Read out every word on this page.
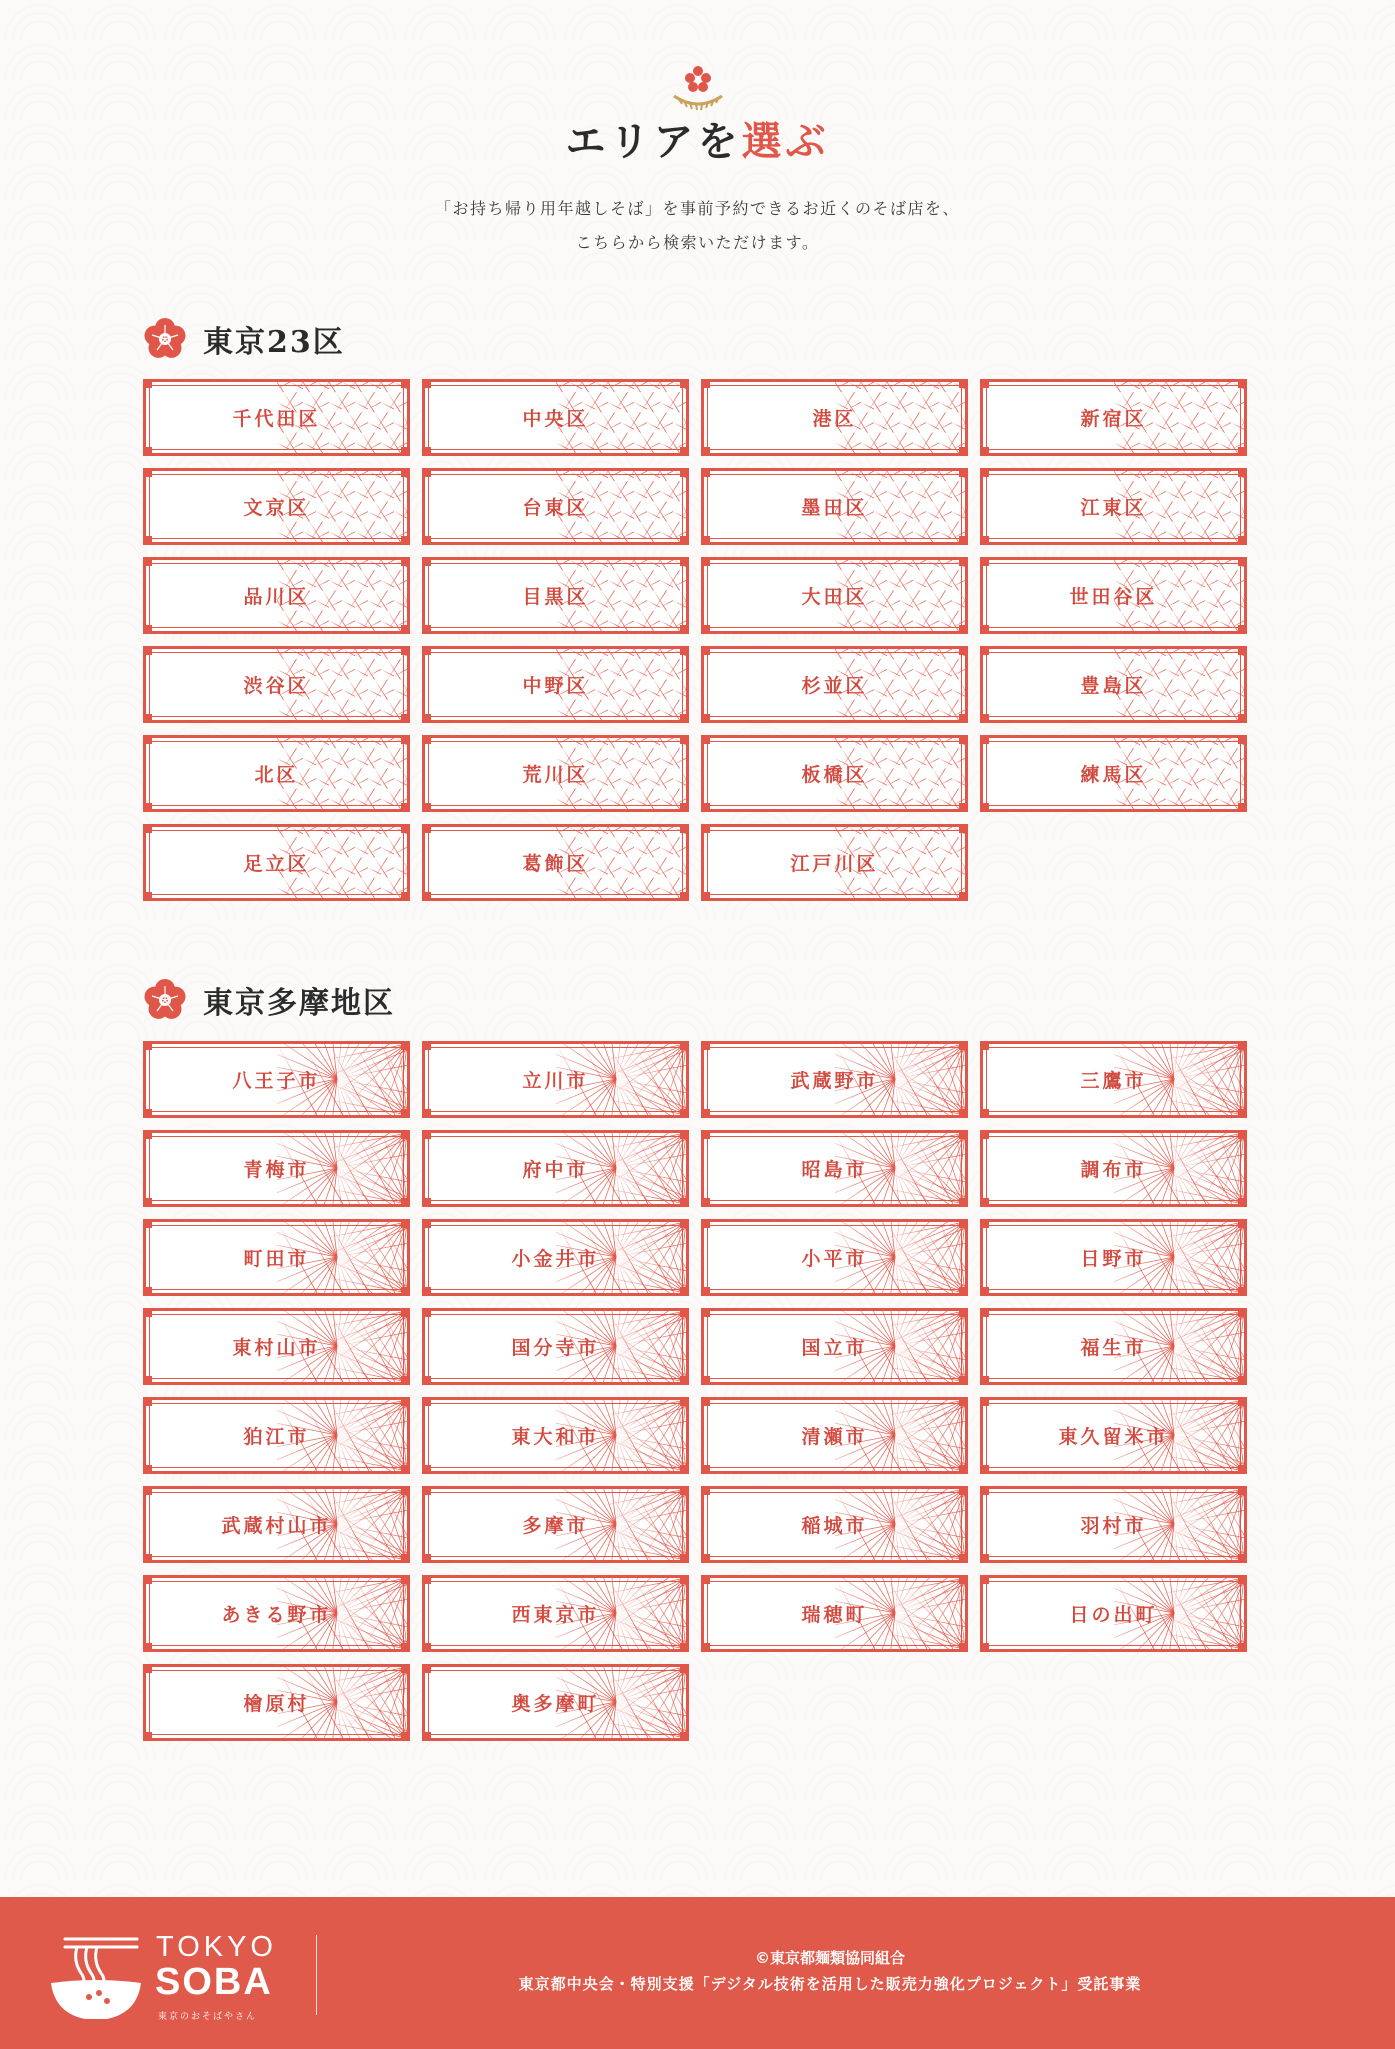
エリアを選ぶ
「お持ち帰り用年越しそば」を事前予約できるお近くのそば店を、
こちらから検索いただけます。
東京23区
千代田区	中央区	港区	新宿区
文京区	台東区	墨田区	江東区
品川区	目黒区	大田区	世田谷区
渋谷区	中野区	杉並区	豊島区
北区	荒川区	板橋区	練馬区
足立区	葛飾区	江戸川区
東京多摩地区
八王子市	立川市	武蔵野市	三鷹市
青梅市	府中市	昭島市	調布市
町田市	小金井市	小平市	日野市
東村山市	国分寺市	国立市	福生市
狛江市	東大和市	清瀬市	東久留米市
武蔵村山市	多摩市	稲城市	羽村市
あきる野市	西東京市	瑞穂町	日の出町
檜原村	奥多摩町
TOKYO
SOBA
東京のおそばやさん
©東京都麺類協同組合
東京都中央会・特別支援「デジタル技術を活用した販売力強化プロジェクト」受託事業
